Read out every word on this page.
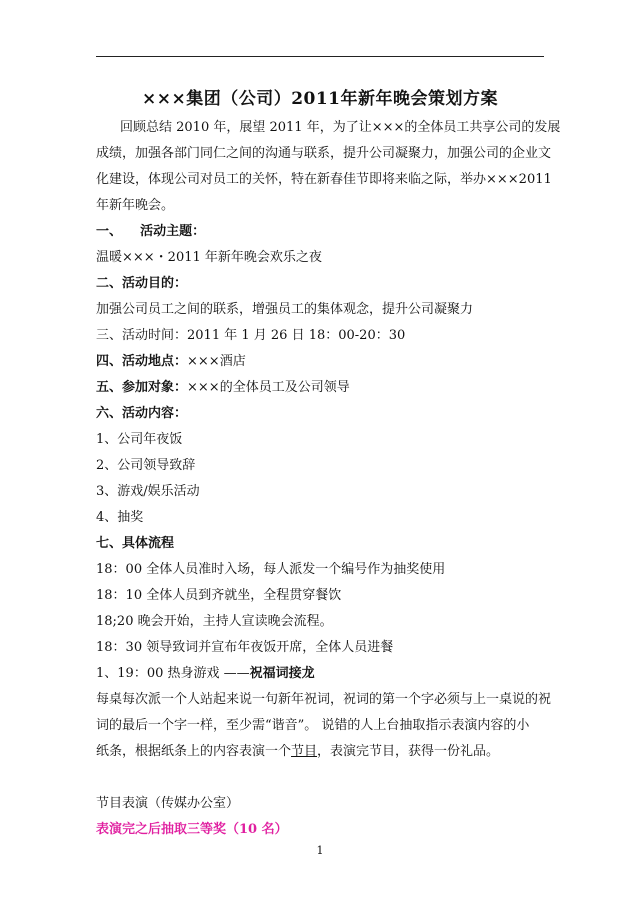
×××集团（公司）2011年新年晚会策划方案
回顾总结 2010 年，展望 2011 年，为了让×××的全体员工共享公司的发展
成绩，加强各部门同仁之间的沟通与联系，提升公司凝聚力，加强公司的企业文
化建设，体现公司对员工的关怀，特在新春佳节即将来临之际，举办×××2011
年新年晚会。
一、    活动主题：
温暖×××・2011 年新年晚会欢乐之夜
二、活动目的：
加强公司员工之间的联系，增强员工的集体观念，提升公司凝聚力
三、活动时间：2011 年 1 月 26 日 18：00-20：30
四、活动地点：×××酒店
五、参加对象：×××的全体员工及公司领导
六、活动内容：
1、公司年夜饭
2、公司领导致辞
3、游戏/娱乐活动
4、抽奖
七、具体流程
18：00 全体人员准时入场，每人派发一个编号作为抽奖使用
18：10 全体人员到齐就坐，全程贯穿餐饮
18;20 晚会开始，主持人宣读晚会流程。
18：30 领导致词并宣布年夜饭开席，全体人员进餐
1、19：00 热身游戏 ——祝福词接龙
每桌每次派一个人站起来说一句新年祝词，祝词的第一个字必须与上一桌说的祝
词的最后一个字一样，至少需“谐音”。 说错的人上台抽取指示表演内容的小
纸条，根据纸条上的内容表演一个节目，表演完节目，获得一份礼品。
节目表演（传媒办公室）
表演完之后抽取三等奖（10 名）
1
